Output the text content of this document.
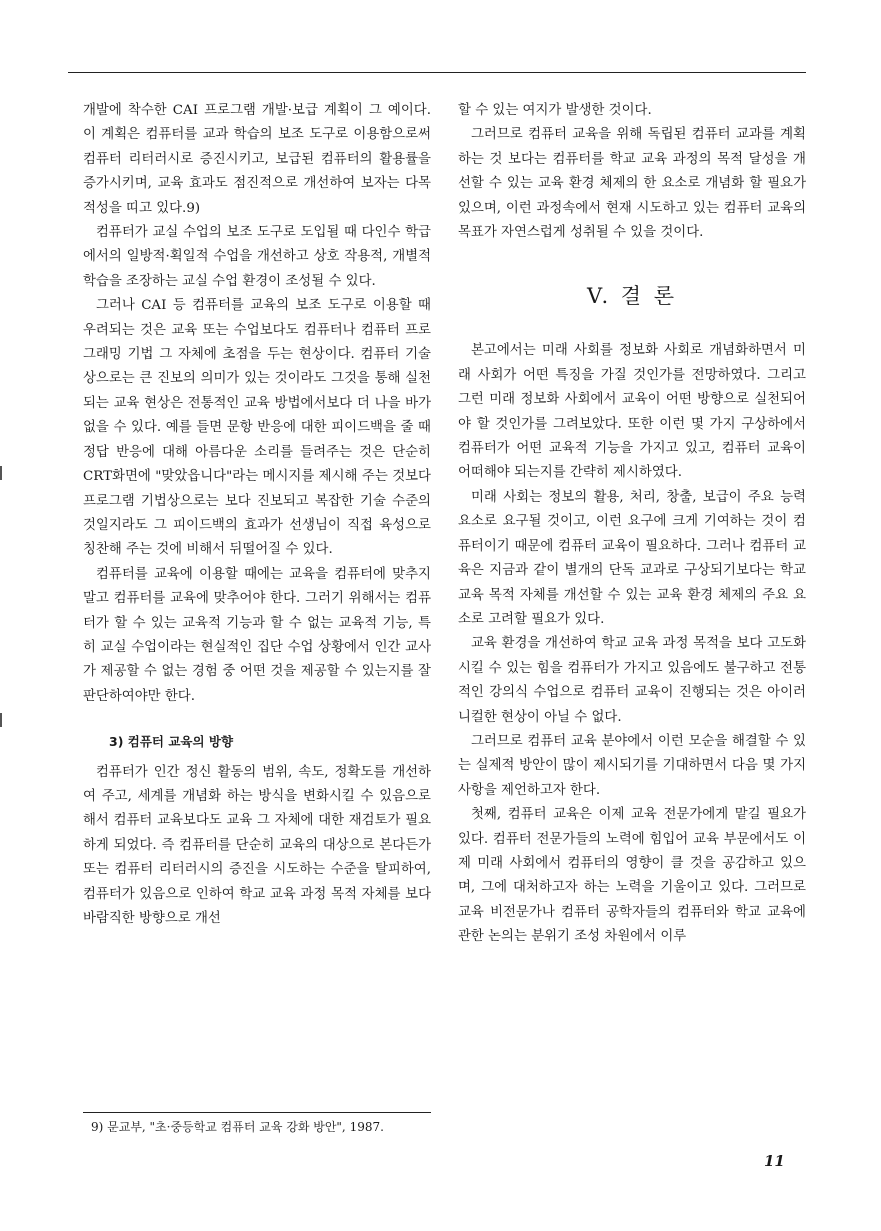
개발에 착수한 CAI 프로그램 개발·보급 계획이 그 예이다. 이 계획은 컴퓨터를 교과 학습의 보조 도구로 이용함으로써 컴퓨터 리터러시로 증진시키고, 보급된 컴퓨터의 활용률을 증가시키며, 교육 효과도 점진적으로 개선하여 보자는 다목적성을 띠고 있다.9)

컴퓨터가 교실 수업의 보조 도구로 도입될 때 다인수 학급에서의 일방적·획일적 수업을 개선하고 상호 작용적, 개별적 학습을 조장하는 교실 수업 환경이 조성될 수 있다.

그러나 CAI 등 컴퓨터를 교육의 보조 도구로 이용할 때 우려되는 것은 교육 또는 수업보다도 컴퓨터나 컴퓨터 프로그래밍 기법 그 자체에 초점을 두는 현상이다. 컴퓨터 기술상으로는 큰 진보의 의미가 있는 것이라도 그것을 통해 실천되는 교육 현상은 전통적인 교육 방법에서보다 더 나을 바가 없을 수 있다. 예를 들면 문항 반응에 대한 피이드백을 줄 때 정답 반응에 대해 아름다운 소리를 들려주는 것은 단순히 CRT화면에 "맞았읍니다"라는 메시지를 제시해 주는 것보다 프로그램 기법상으로는 보다 진보되고 복잡한 기술 수준의 것일지라도 그 피이드백의 효과가 선생님이 직접 육성으로 칭찬해 주는 것에 비해서 뒤떨어질 수 있다.

컴퓨터를 교육에 이용할 때에는 교육을 컴퓨터에 맞추지 말고 컴퓨터를 교육에 맞추어야 한다. 그러기 위해서는 컴퓨터가 할 수 있는 교육적 기능과 할 수 없는 교육적 기능, 특히 교실 수업이라는 현실적인 집단 수업 상황에서 인간 교사가 제공할 수 없는 경험 중 어떤 것을 제공할 수 있는지를 잘 판단하여야만 한다.

3) 컴퓨터 교육의 방향

컴퓨터가 인간 정신 활동의 범위, 속도, 정확도를 개선하여 주고, 세계를 개념화 하는 방식을 변화시킬 수 있음으로 해서 컴퓨터 교육보다도 교육 그 자체에 대한 재검토가 필요하게 되었다. 즉 컴퓨터를 단순히 교육의 대상으로 본다든가 또는 컴퓨터 리터러시의 증진을 시도하는 수준을 탈피하여, 컴퓨터가 있음으로 인하여 학교 교육 과정 목적 자체를 보다 바람직한 방향으로 개선

할 수 있는 여지가 발생한 것이다.

그러므로 컴퓨터 교육을 위해 독립된 컴퓨터 교과를 계획하는 것 보다는 컴퓨터를 학교 교육 과정의 목적 달성을 개선할 수 있는 교육 환경 체제의 한 요소로 개념화 할 필요가 있으며, 이런 과정속에서 현재 시도하고 있는 컴퓨터 교육의 목표가 자연스럽게 성취될 수 있을 것이다.

V. 결 론

본고에서는 미래 사회를 정보화 사회로 개념화하면서 미래 사회가 어떤 특징을 가질 것인가를 전망하였다. 그리고 그런 미래 정보화 사회에서 교육이 어떤 방향으로 실천되어야 할 것인가를 그려보았다. 또한 이런 몇 가지 구상하에서 컴퓨터가 어떤 교육적 기능을 가지고 있고, 컴퓨터 교육이 어떠해야 되는지를 간략히 제시하였다.

미래 사회는 정보의 활용, 처리, 창출, 보급이 주요 능력 요소로 요구될 것이고, 이런 요구에 크게 기여하는 것이 컴퓨터이기 때문에 컴퓨터 교육이 필요하다. 그러나 컴퓨터 교육은 지금과 같이 별개의 단독 교과로 구상되기보다는 학교 교육 목적 자체를 개선할 수 있는 교육 환경 체제의 주요 요소로 고려할 필요가 있다.

교육 환경을 개선하여 학교 교육 과정 목적을 보다 고도화 시킬 수 있는 힘을 컴퓨터가 가지고 있음에도 불구하고 전통적인 강의식 수업으로 컴퓨터 교육이 진행되는 것은 아이러니컬한 현상이 아닐 수 없다.

그러므로 컴퓨터 교육 분야에서 이런 모순을 해결할 수 있는 실제적 방안이 많이 제시되기를 기대하면서 다음 몇 가지 사항을 제언하고자 한다.

첫째, 컴퓨터 교육은 이제 교육 전문가에게 맡길 필요가 있다. 컴퓨터 전문가들의 노력에 힘입어 교육 부문에서도 이제 미래 사회에서 컴퓨터의 영향이 클 것을 공감하고 있으며, 그에 대처하고자 하는 노력을 기울이고 있다. 그러므로 교육 비전문가나 컴퓨터 공학자들의 컴퓨터와 학교 교육에 관한 논의는 분위기 조성 차원에서 이루

9) 문교부, "초·중등학교 컴퓨터 교육 강화 방안", 1987.
11
